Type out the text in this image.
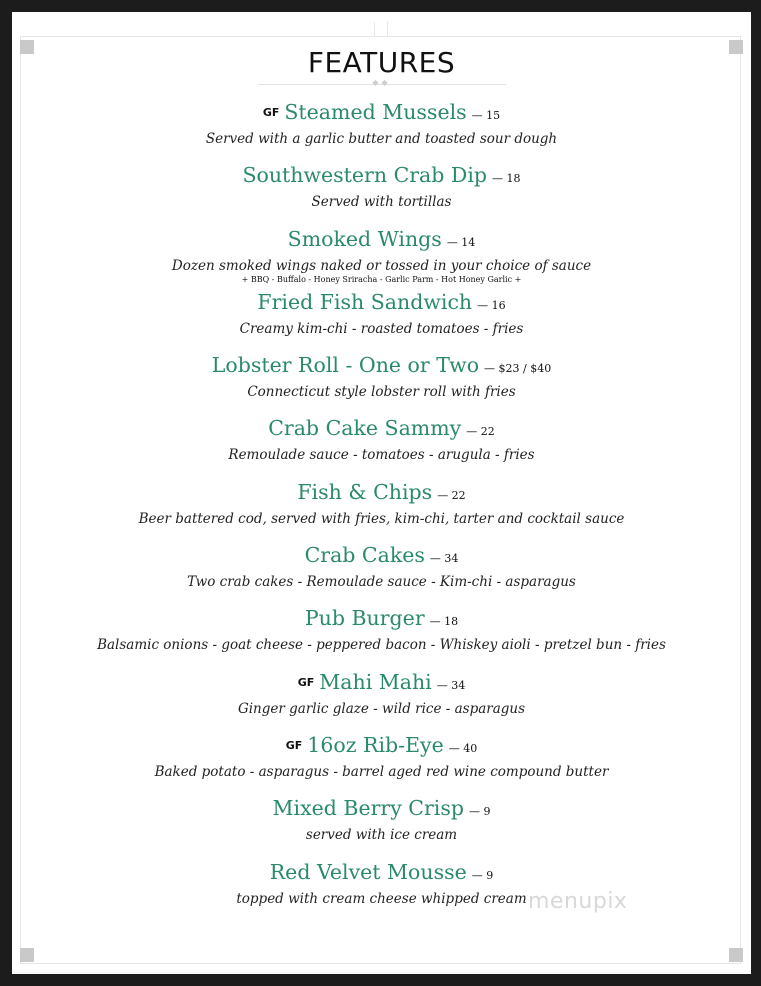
FEATURES
◆◆
GF Steamed Mussels — 15
Served with a garlic butter and toasted sour dough
Southwestern Crab Dip — 18
Served with tortillas
Smoked Wings — 14
Dozen smoked wings naked or tossed in your choice of sauce
+ BBQ - Buffalo - Honey Sriracha - Garlic Parm - Hot Honey Garlic +
Fried Fish Sandwich — 16
Creamy kim-chi - roasted tomatoes - fries
Lobster Roll - One or Two — $23 / $40
Connecticut style lobster roll with fries
Crab Cake Sammy — 22
Remoulade sauce - tomatoes - arugula - fries
Fish & Chips — 22
Beer battered cod, served with fries, kim-chi, tarter and cocktail sauce
Crab Cakes — 34
Two crab cakes - Remoulade sauce - Kim-chi - asparagus
Pub Burger — 18
Balsamic onions - goat cheese - peppered bacon - Whiskey aioli - pretzel bun - fries
GF Mahi Mahi — 34
Ginger garlic glaze - wild rice - asparagus
GF 16oz Rib-Eye — 40
Baked potato - asparagus - barrel aged red wine compound butter
Mixed Berry Crisp — 9
served with ice cream
Red Velvet Mousse — 9
topped with cream cheese whipped cream menupix
